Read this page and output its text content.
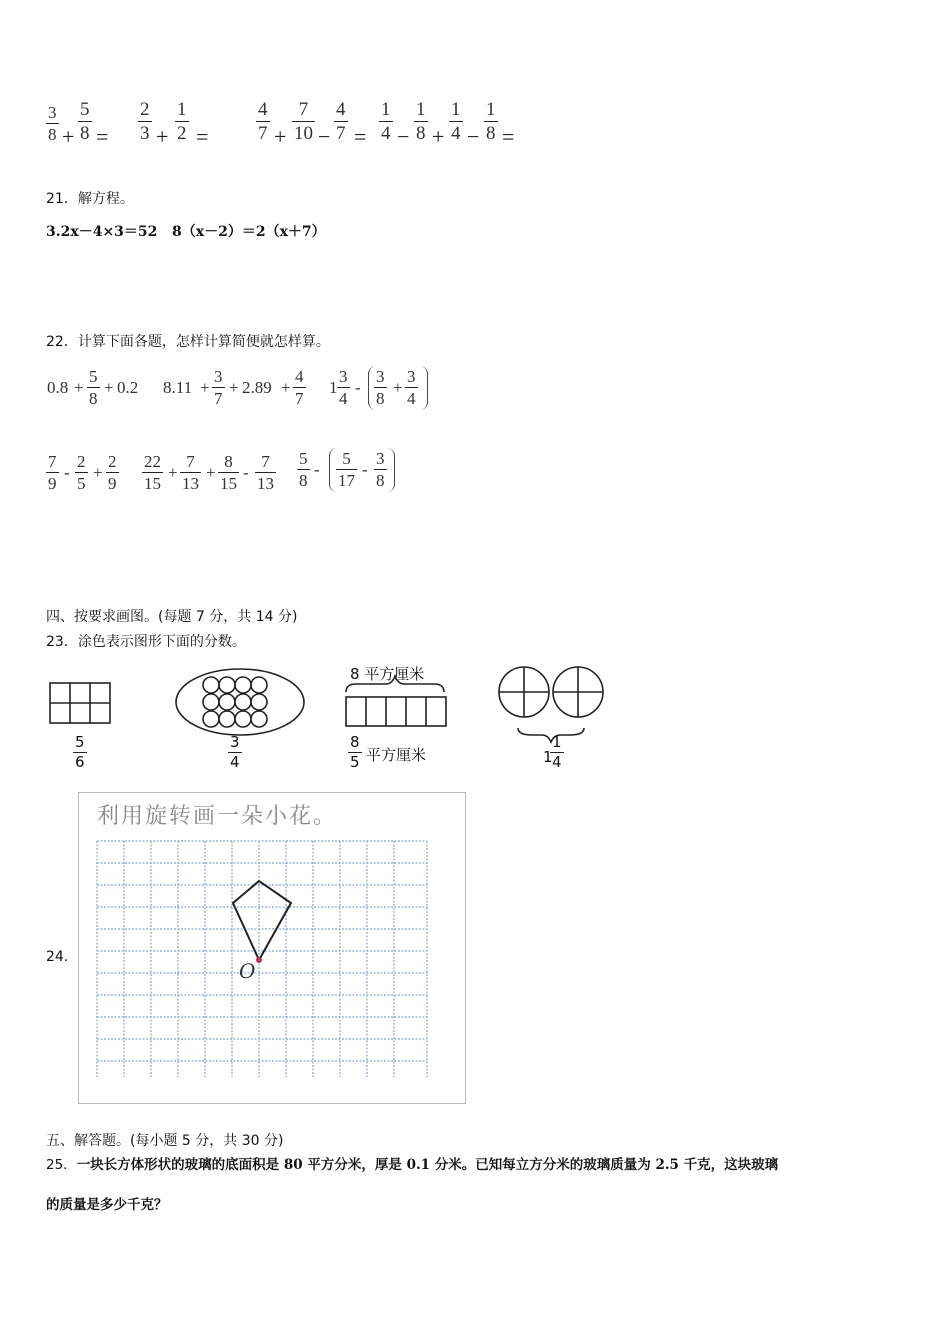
$\frac{3}{8} + \frac{5}{8} = \frac{2}{3} + \frac{1}{2}$ =	$\frac{4}{7} + \frac{7}{10} - \frac{4}{7} = \frac{1}{4} - \frac{1}{8} + \frac{1}{4} - \frac{1}{8}$ =
21．解方程。
3.2x－4×3＝52   8（x－2）＝2（x＋7）
22．计算下面各题，怎样计算简便就怎样算。
$0.8 + \frac{5}{8} + 0.2$ $8.11 + \frac{3}{7} + 2.89 + \frac{4}{7} 1 \frac{3}{4} - \frac{3}{8} + \frac{3}{4}$
$\frac{7}{9} - \frac{2}{5} + \frac{2}{9} \frac{22}{15} + \frac{7}{13} + \frac{8}{15} - \frac{7}{13} \frac{5}{8} - \frac{5}{17} - \frac{3}{8}$
四、按要求画图。(每题 7 分，共 14 分)
23．涂色表示图形下面的分数。
$\frac{5}{6}$	$\frac{3}{4}$
8 平方厘米
$\frac{8}{5}$ 平方厘米	1
$\frac{1}{4}$
24.
利用旋转画一朵小花。
O
五、解答题。(每小题 5 分，共 30 分)
25．一块长方体形状的玻璃的底面积是 80 平方分米，厚是 0.1 分米。已知每立方分米的玻璃质量为 2.5 千克，这块玻璃
的质量是多少千克？
